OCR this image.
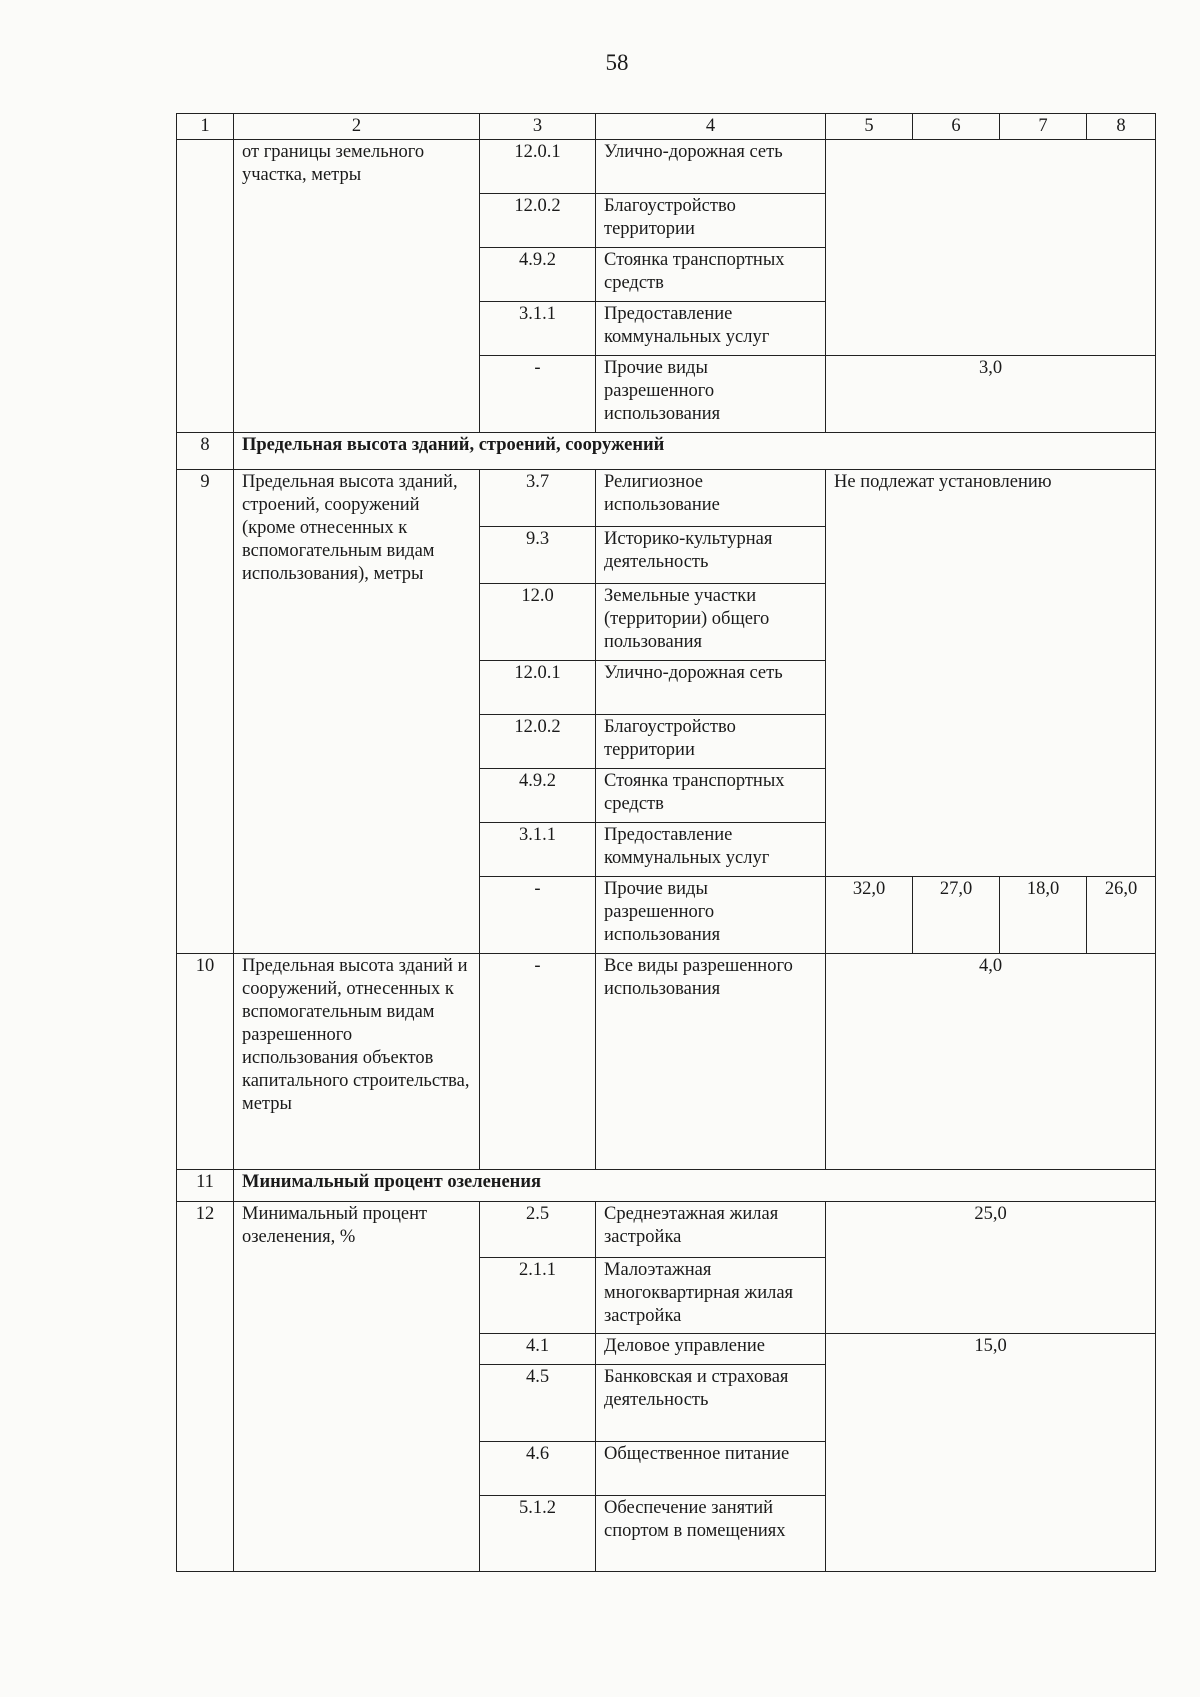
58
1	2	3	4	5	6	7	8
	от границы земельного участка, метры	12.0.1	Улично-дорожная сеть				
		12.0.2	Благоустройство территории				
		4.9.2	Стоянка транспортных средств				
		3.1.1	Предоставление коммунальных услуг				
		-	Прочие виды разрешенного использования	3,0			
8	Предельная высота зданий, строений, сооружений						
9	Предельная высота зданий, строений, сооружений (кроме отнесенных к вспомогательным видам использования), метры	3.7	Религиозное использование	Не подлежат установлению			
		9.3	Историко-культурная деятельность				
		12.0	Земельные участки (территории) общего пользования				
		12.0.1	Улично-дорожная сеть				
		12.0.2	Благоустройство территории				
		4.9.2	Стоянка транспортных средств				
		3.1.1	Предоставление коммунальных услуг				
		-	Прочие виды разрешенного использования	32,0	27,0	18,0	26,0
10	Предельная высота зданий и сооружений, отнесенных к вспомогательным видам разрешенного использования объектов капитального строительства, метры	-	Все виды разрешенного использования	4,0			
11	Минимальный процент озеленения						
12	Минимальный процент озеленения, %	2.5	Среднеэтажная жилая застройка	25,0			
		2.1.1	Малоэтажная многоквартирная жилая застройка				
		4.1	Деловое управление	15,0			
		4.5	Банковская и страховая деятельность				
		4.6	Общественное питание				
		5.1.2	Обеспечение занятий спортом в помещениях				
